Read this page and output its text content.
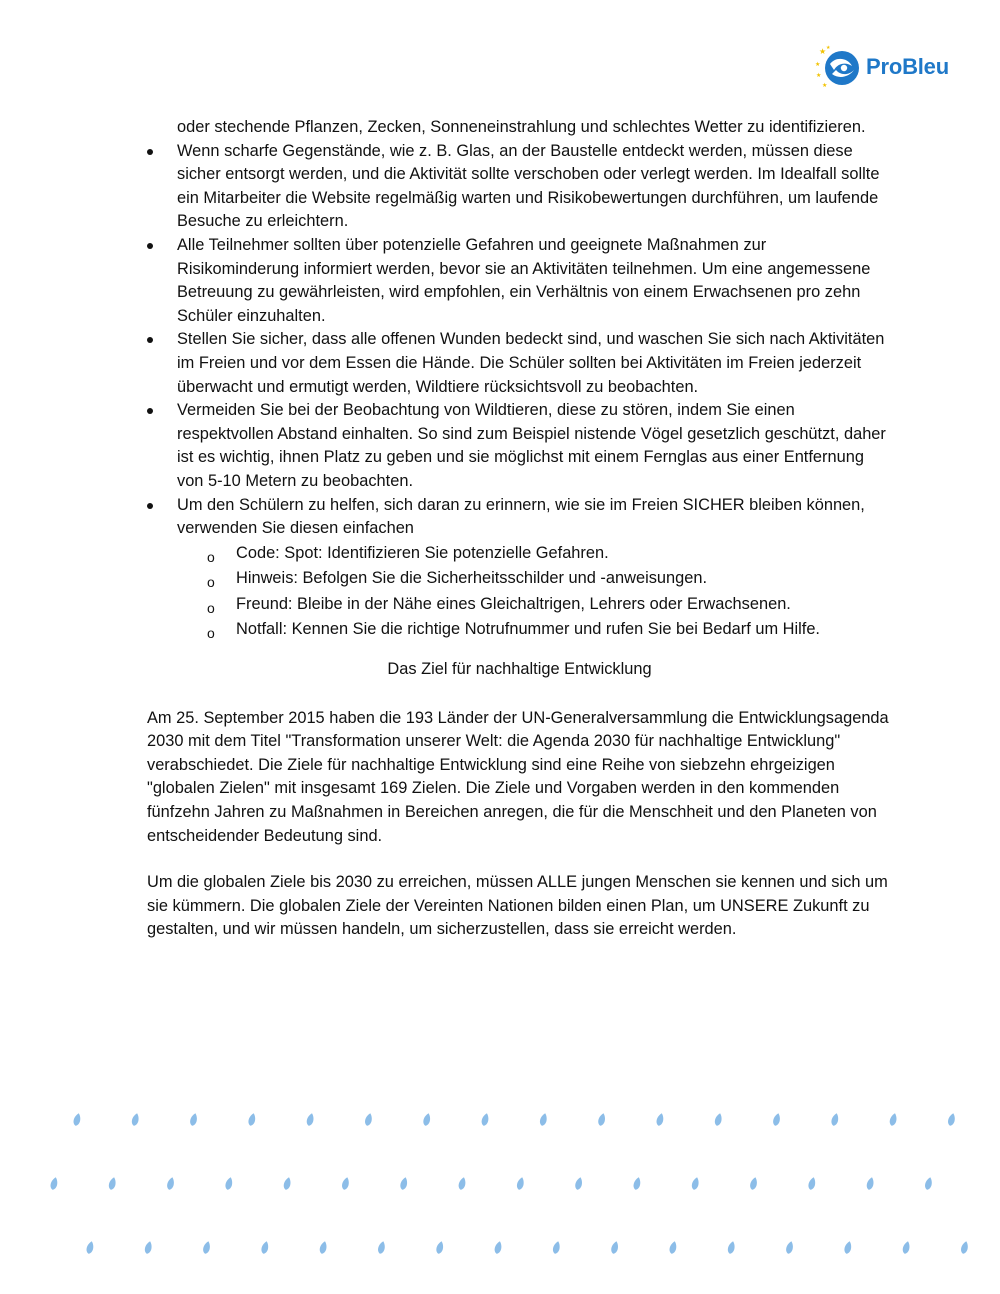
★
★
★
★
★
ProBleu
oder stechende Pflanzen, Zecken, Sonneneinstrahlung und schlechtes Wetter zu identifizieren.
Wenn scharfe Gegenstände, wie z. B. Glas, an der Baustelle entdeckt werden, müssen diese sicher entsorgt werden, und die Aktivität sollte verschoben oder verlegt werden. Im Idealfall sollte ein Mitarbeiter die Website regelmäßig warten und Risikobewertungen durchführen, um laufende Besuche zu erleichtern.
Alle Teilnehmer sollten über potenzielle Gefahren und geeignete Maßnahmen zur Risikominderung informiert werden, bevor sie an Aktivitäten teilnehmen. Um eine angemessene Betreuung zu gewährleisten, wird empfohlen, ein Verhältnis von einem Erwachsenen pro zehn Schüler einzuhalten.
Stellen Sie sicher, dass alle offenen Wunden bedeckt sind, und waschen Sie sich nach Aktivitäten im Freien und vor dem Essen die Hände. Die Schüler sollten bei Aktivitäten im Freien jederzeit überwacht und ermutigt werden, Wildtiere rücksichtsvoll zu beobachten.
Vermeiden Sie bei der Beobachtung von Wildtieren, diese zu stören, indem Sie einen respektvollen Abstand einhalten. So sind zum Beispiel nistende Vögel gesetzlich geschützt, daher ist es wichtig, ihnen Platz zu geben und sie möglichst mit einem Fernglas aus einer Entfernung von 5-10 Metern zu beobachten.
Um den Schülern zu helfen, sich daran zu erinnern, wie sie im Freien SICHER bleiben können, verwenden Sie diesen einfachen
o Code: Spot: Identifizieren Sie potenzielle Gefahren.
o Hinweis: Befolgen Sie die Sicherheitsschilder und -anweisungen.
o Freund: Bleibe in der Nähe eines Gleichaltrigen, Lehrers oder Erwachsenen.
o Notfall: Kennen Sie die richtige Notrufnummer und rufen Sie bei Bedarf um Hilfe.

Das Ziel für nachhaltige Entwicklung

Am 25. September 2015 haben die 193 Länder der UN-Generalversammlung die Entwicklungsagenda 2030 mit dem Titel "Transformation unserer Welt: die Agenda 2030 für nachhaltige Entwicklung" verabschiedet. Die Ziele für nachhaltige Entwicklung sind eine Reihe von siebzehn ehrgeizigen "globalen Zielen" mit insgesamt 169 Zielen. Die Ziele und Vorgaben werden in den kommenden fünfzehn Jahren zu Maßnahmen in Bereichen anregen, die für die Menschheit und den Planeten von entscheidender Bedeutung sind.

Um die globalen Ziele bis 2030 zu erreichen, müssen ALLE jungen Menschen sie kennen und sich um sie kümmern. Die globalen Ziele der Vereinten Nationen bilden einen Plan, um UNSERE Zukunft zu gestalten, und wir müssen handeln, um sicherzustellen, dass sie erreicht werden.
